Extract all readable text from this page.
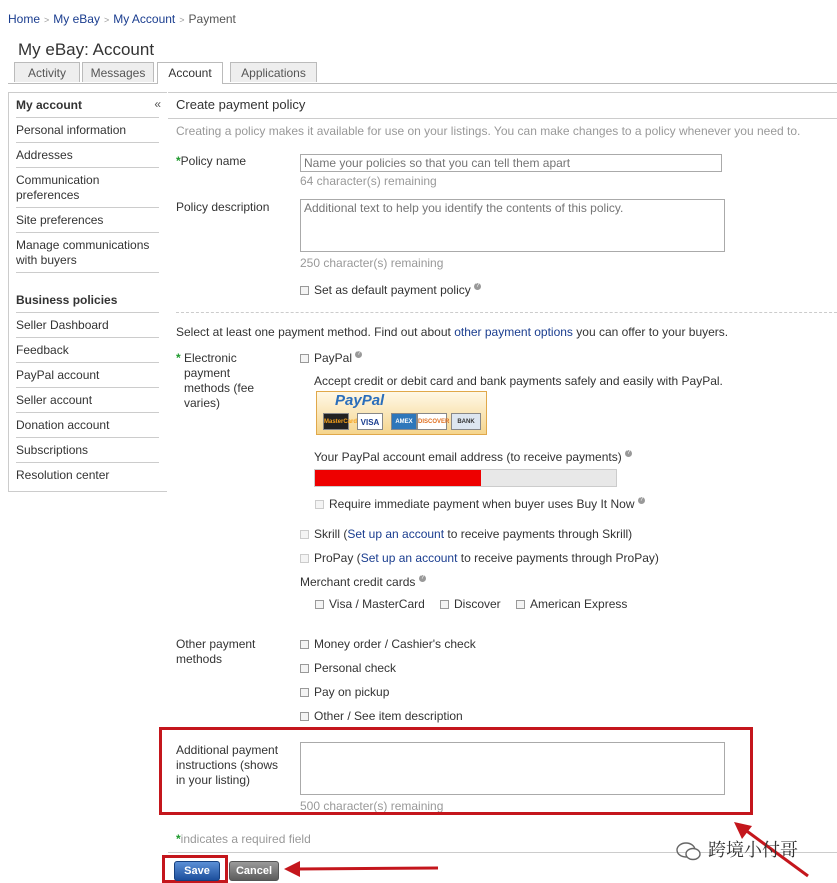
Home > My eBay > My Account > Payment
My eBay: Account
Activity	Messages	Account	Applications
«
My account
Personal information
Addresses
Communication preferences
Site preferences
Manage communications with buyers
Business policies
Seller Dashboard
Feedback
PayPal account
Seller account
Donation account
Subscriptions
Resolution center
Create payment policy
Creating a policy makes it available for use on your listings. You can make changes to a policy whenever you need to.
*Policy name
Name your policies so that you can tell them apart
64 character(s) remaining
Policy description
Additional text to help you identify the contents of this policy.
250 character(s) remaining
Set as default payment policy ?
Select at least one payment method. Find out about other payment options you can offer to your buyers.
* Electronic payment methods (fee varies)
PayPal ?
Accept credit or debit card and bank payments safely and easily with PayPal.
PayPal
MasterCard VISA	AMEX DISCOVER	BANK
Your PayPal account email address (to receive payments) ?
Require immediate payment when buyer uses Buy It Now ?
Skrill (Set up an account to receive payments through Skrill)
ProPay (Set up an account to receive payments through ProPay)
Merchant credit cards ?
Visa / MasterCard Discover American Express
Other payment methods
Money order / Cashier's check
Personal check
Pay on pickup
Other / See item description
Additional payment instructions (shows in your listing)
500 character(s) remaining
*indicates a required field
Save	Cancel
跨境小付哥
